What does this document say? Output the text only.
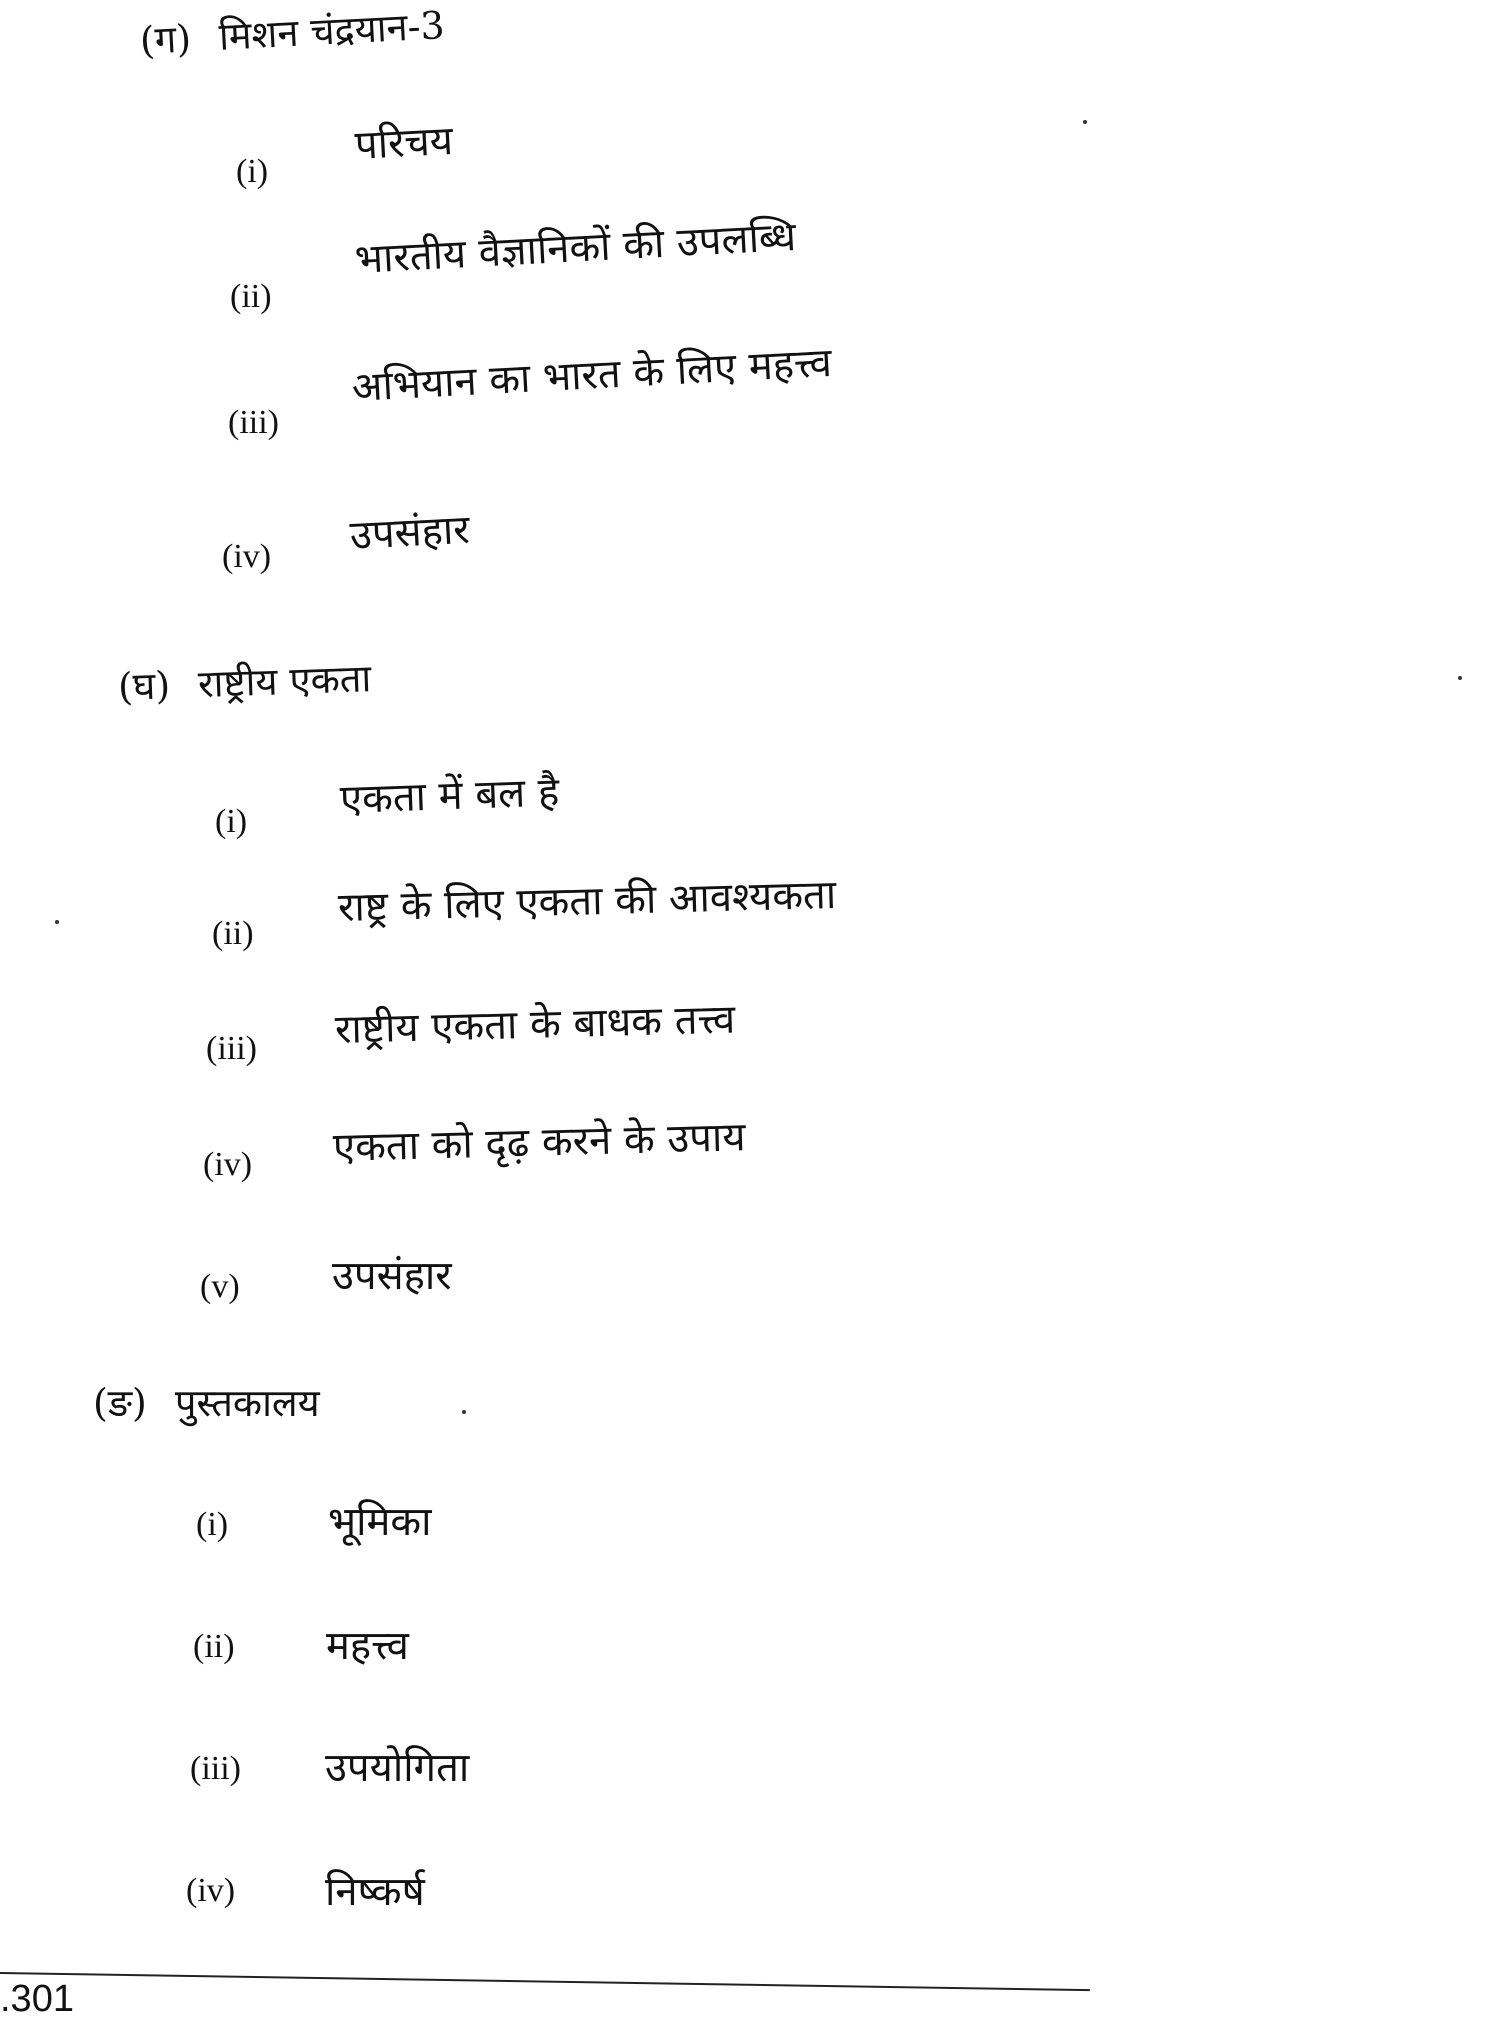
(ग) मिशन चंद्रयान-3
(i)
परिचय
(ii)
भारतीय वैज्ञानिकों की उपलब्धि
(iii)
अभियान का भारत के लिए महत्त्व
(iv) उपसंहार
(घ) राष्ट्रीय एकता
(i) एकता में बल है
(ii)
राष्ट्र के लिए एकता की आवश्यकता
(iii) राष्ट्रीय एकता के बाधक तत्त्व
(iv) एकता को दृढ़ करने के उपाय
(v) उपसंहार
(ङ) पुस्तकालय
(i) भूमिका
(ii) महत्त्व
(iii) उपयोगिता
(iv) निष्कर्ष
.301
